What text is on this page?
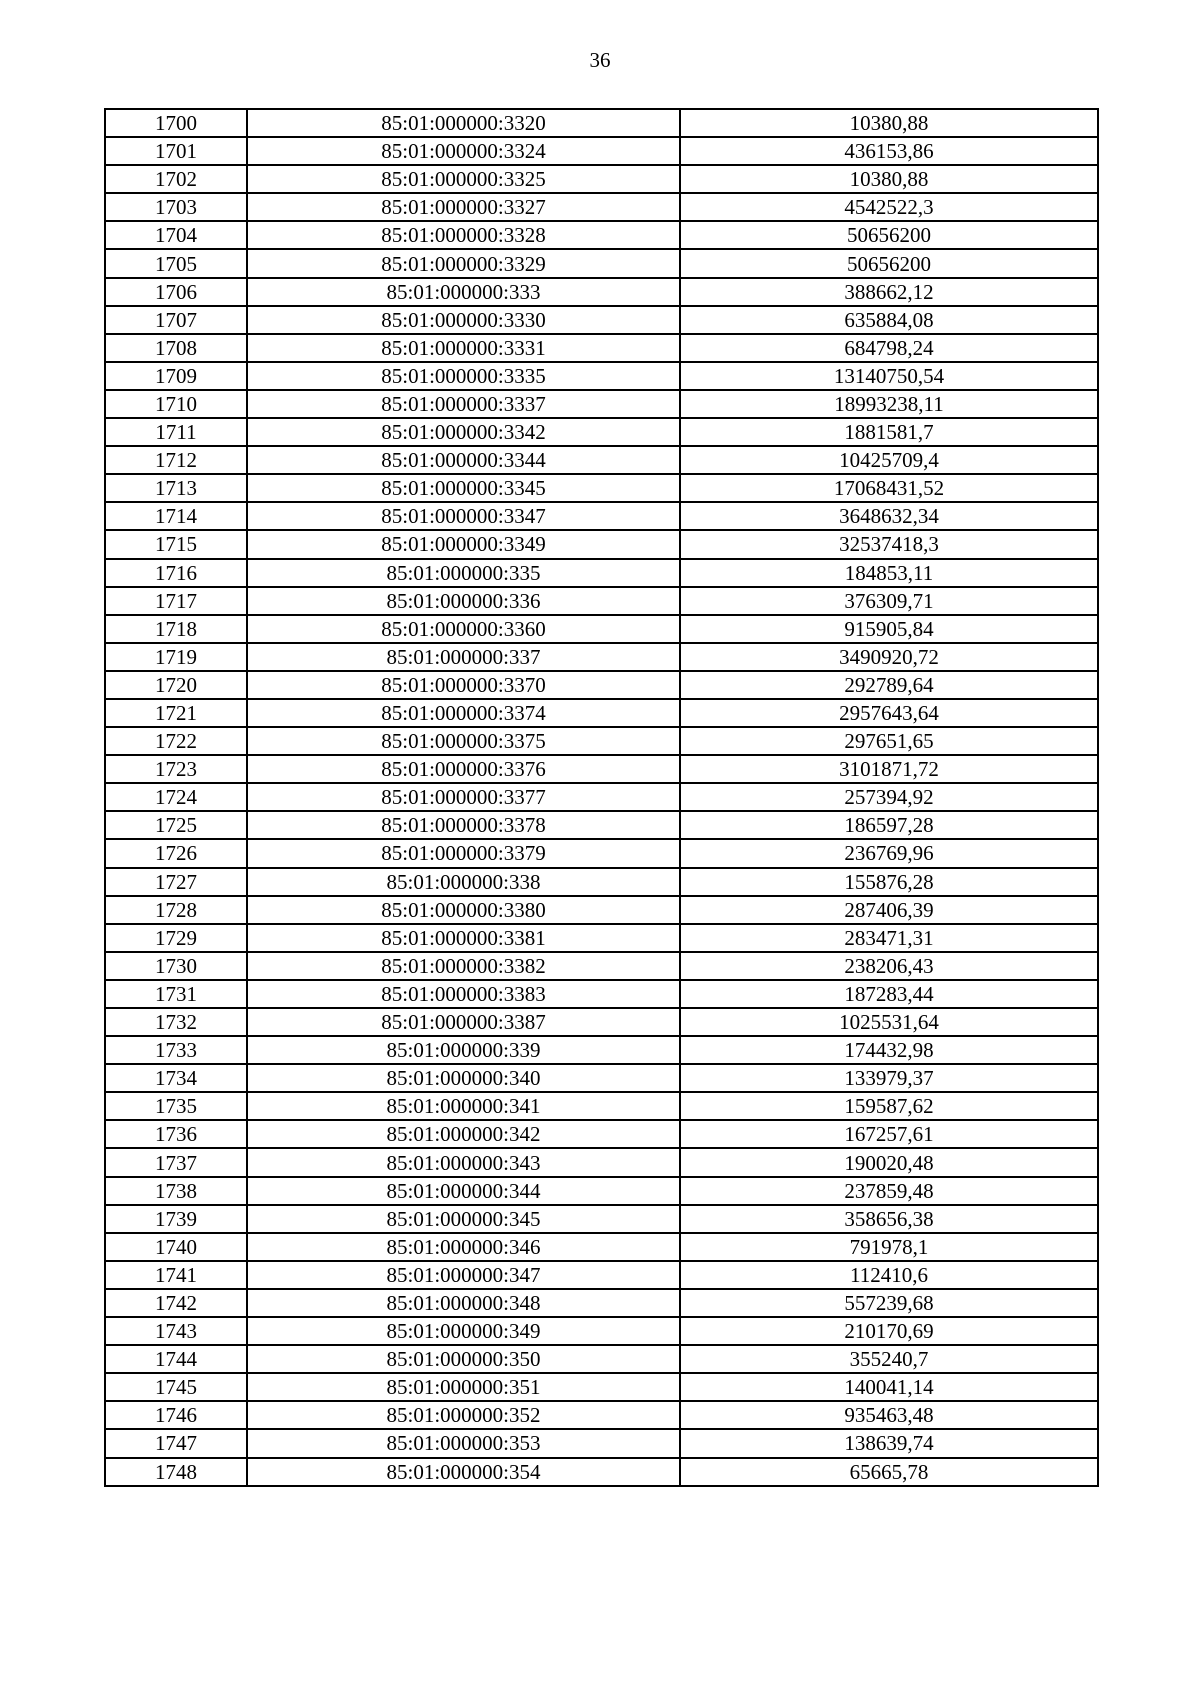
36
1700	85:01:000000:3320	10380,88
1701	85:01:000000:3324	436153,86
1702	85:01:000000:3325	10380,88
1703	85:01:000000:3327	4542522,3
1704	85:01:000000:3328	50656200
1705	85:01:000000:3329	50656200
1706	85:01:000000:333	388662,12
1707	85:01:000000:3330	635884,08
1708	85:01:000000:3331	684798,24
1709	85:01:000000:3335	13140750,54
1710	85:01:000000:3337	18993238,11
1711	85:01:000000:3342	1881581,7
1712	85:01:000000:3344	10425709,4
1713	85:01:000000:3345	17068431,52
1714	85:01:000000:3347	3648632,34
1715	85:01:000000:3349	32537418,3
1716	85:01:000000:335	184853,11
1717	85:01:000000:336	376309,71
1718	85:01:000000:3360	915905,84
1719	85:01:000000:337	3490920,72
1720	85:01:000000:3370	292789,64
1721	85:01:000000:3374	2957643,64
1722	85:01:000000:3375	297651,65
1723	85:01:000000:3376	3101871,72
1724	85:01:000000:3377	257394,92
1725	85:01:000000:3378	186597,28
1726	85:01:000000:3379	236769,96
1727	85:01:000000:338	155876,28
1728	85:01:000000:3380	287406,39
1729	85:01:000000:3381	283471,31
1730	85:01:000000:3382	238206,43
1731	85:01:000000:3383	187283,44
1732	85:01:000000:3387	1025531,64
1733	85:01:000000:339	174432,98
1734	85:01:000000:340	133979,37
1735	85:01:000000:341	159587,62
1736	85:01:000000:342	167257,61
1737	85:01:000000:343	190020,48
1738	85:01:000000:344	237859,48
1739	85:01:000000:345	358656,38
1740	85:01:000000:346	791978,1
1741	85:01:000000:347	112410,6
1742	85:01:000000:348	557239,68
1743	85:01:000000:349	210170,69
1744	85:01:000000:350	355240,7
1745	85:01:000000:351	140041,14
1746	85:01:000000:352	935463,48
1747	85:01:000000:353	138639,74
1748	85:01:000000:354	65665,78
